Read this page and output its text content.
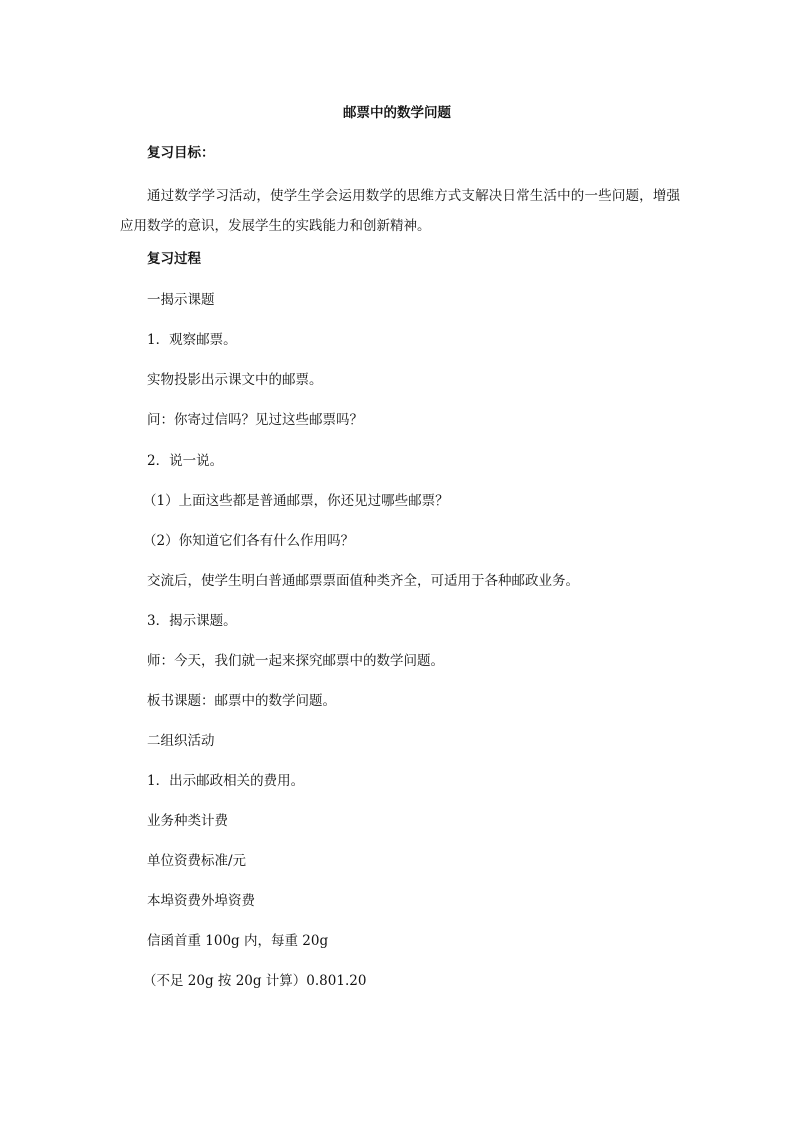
邮票中的数学问题
复习目标：
通过数学学习活动，使学生学会运用数学的思维方式支解决日常生活中的一些问题，增强应用数学的意识，发展学生的实践能力和创新精神。
复习过程
一揭示课题
1．观察邮票。
实物投影出示课文中的邮票。
问：你寄过信吗？见过这些邮票吗？
2．说一说。
（1）上面这些都是普通邮票，你还见过哪些邮票？
（2）你知道它们各有什么作用吗？
交流后，使学生明白普通邮票票面值种类齐全，可适用于各种邮政业务。
3．揭示课题。
师：今天，我们就一起来探究邮票中的数学问题。
板书课题：邮票中的数学问题。
二组织活动
1．出示邮政相关的费用。
业务种类计费
单位资费标准/元
本埠资费外埠资费
信函首重 100g 内，每重 20g
（不足 20g 按 20g 计算）0.801.20
